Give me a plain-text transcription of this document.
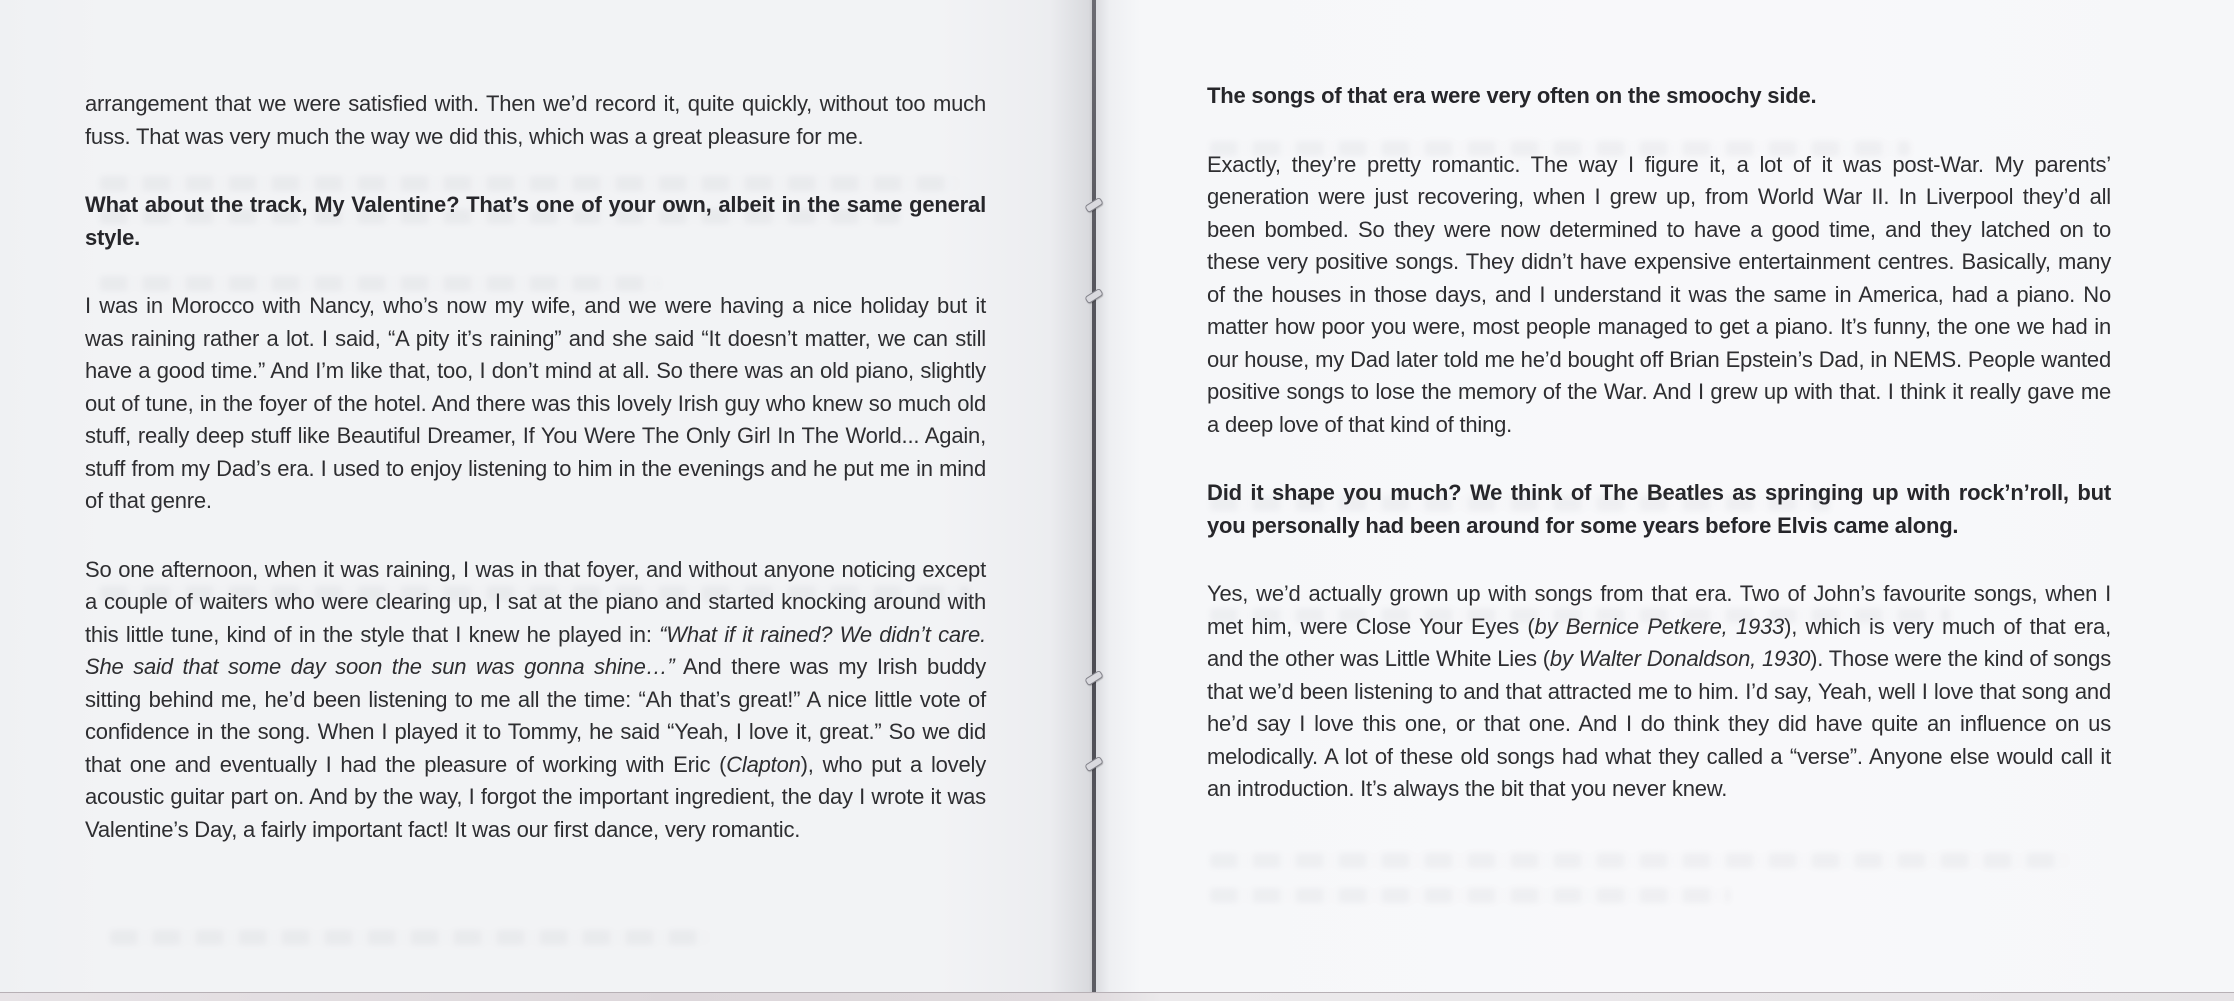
arrangement that we were satisfied with. Then we’d record it, quite quickly, without too much fuss. That was very much the way we did this, which was a great pleasure for me.

What about the track, My Valentine? That’s one of your own, albeit in the same general style.

I was in Morocco with Nancy, who’s now my wife, and we were having a nice holiday but it was raining rather a lot. I said, “A pity it’s raining” and she said “It doesn’t matter, we can still have a good time.” And I’m like that, too, I don’t mind at all. So there was an old piano, slightly out of tune, in the foyer of the hotel. And there was this lovely Irish guy who knew so much old stuff, really deep stuff like Beautiful Dreamer, If You Were The Only Girl In The World... Again, stuff from my Dad’s era. I used to enjoy listening to him in the evenings and he put me in mind of that genre.

So one afternoon, when it was raining, I was in that foyer, and without anyone noticing except a couple of waiters who were clearing up, I sat at the piano and started knocking around with this little tune, kind of in the style that I knew he played in: “What if it rained? We didn’t care. She said that some day soon the sun was gonna shine…” And there was my Irish buddy sitting behind me, he’d been listening to me all the time: “Ah that’s great!” A nice little vote of confidence in the song. When I played it to Tommy, he said “Yeah, I love it, great.” So we did that one and eventually I had the pleasure of working with Eric (Clapton), who put a lovely acoustic guitar part on. And by the way, I forgot the important ingredient, the day I wrote it was Valentine’s Day, a fairly important fact! It was our first dance, very romantic.

The songs of that era were very often on the smoochy side.

Exactly, they’re pretty romantic. The way I figure it, a lot of it was post-War. My parents’ generation were just recovering, when I grew up, from World War II. In Liverpool they’d all been bombed. So they were now determined to have a good time, and they latched on to these very positive songs. They didn’t have expensive entertainment centres. Basically, many of the houses in those days, and I understand it was the same in America, had a piano. No matter how poor you were, most people managed to get a piano. It’s funny, the one we had in our house, my Dad later told me he’d bought off Brian Epstein’s Dad, in NEMS. People wanted positive songs to lose the memory of the War. And I grew up with that. I think it really gave me a deep love of that kind of thing.

Did it shape you much? We think of The Beatles as springing up with rock’n’roll, but you personally had been around for some years before Elvis came along.

Yes, we’d actually grown up with songs from that era. Two of John’s favourite songs, when I met him, were Close Your Eyes (by Bernice Petkere, 1933), which is very much of that era, and the other was Little White Lies (by Walter Donaldson, 1930). Those were the kind of songs that we’d been listening to and that attracted me to him. I’d say, Yeah, well I love that song and he’d say I love this one, or that one. And I do think they did have quite an influence on us melodically. A lot of these old songs had what they called a “verse”. Anyone else would call it an introduction. It’s always the bit that you never knew.
